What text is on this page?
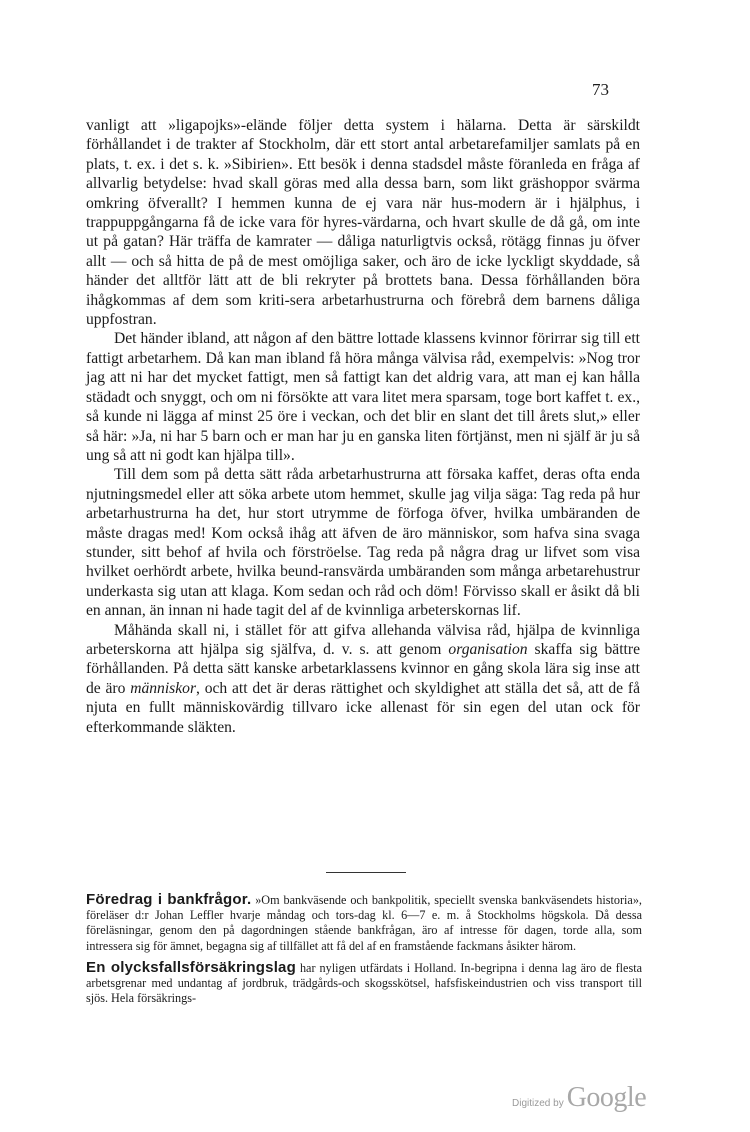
73

vanligt att »ligapojks»-elände följer detta system i hälarna. Detta är särskildt förhållandet i de trakter af Stockholm, där ett stort antal arbetarefamiljer samlats på en plats, t. ex. i det s. k. »Sibirien». Ett besök i denna stadsdel måste föranleda en fråga af allvarlig betydelse: hvad skall göras med alla dessa barn, som likt gräshoppor svärma omkring öfverallt? I hemmen kunna de ej vara när hus-modern är i hjälphus, i trappuppgångarna få de icke vara för hyres-värdarna, och hvart skulle de då gå, om inte ut på gatan? Här träffa de kamrater — dåliga naturligtvis också, rötägg finnas ju öfver allt — och så hitta de på de mest omöjliga saker, och äro de icke lyckligt skyddade, så händer det alltför lätt att de bli rekryter på brottets bana. Dessa förhållanden böra ihågkommas af dem som kriti-sera arbetarhustrurna och förebrå dem barnens dåliga uppfostran.

Det händer ibland, att någon af den bättre lottade klassens kvinnor förirrar sig till ett fattigt arbetarhem. Då kan man ibland få höra många välvisa råd, exempelvis: »Nog tror jag att ni har det mycket fattigt, men så fattigt kan det aldrig vara, att man ej kan hålla städadt och snyggt, och om ni försökte att vara litet mera sparsam, toge bort kaffet t. ex., så kunde ni lägga af minst 25 öre i veckan, och det blir en slant det till årets slut,» eller så här: »Ja, ni har 5 barn och er man har ju en ganska liten förtjänst, men ni själf är ju så ung så att ni godt kan hjälpa till».

Till dem som på detta sätt råda arbetarhustrurna att försaka kaffet, deras ofta enda njutningsmedel eller att söka arbete utom hemmet, skulle jag vilja säga: Tag reda på hur arbetarhustrurna ha det, hur stort utrymme de förfoga öfver, hvilka umbäranden de måste dragas med! Kom också ihåg att äfven de äro människor, som hafva sina svaga stunder, sitt behof af hvila och förströelse. Tag reda på några drag ur lifvet som visa hvilket oerhördt arbete, hvilka beund-ransvärda umbäranden som många arbetarehustrur underkasta sig utan att klaga. Kom sedan och råd och döm! Förvisso skall er åsikt då bli en annan, än innan ni hade tagit del af de kvinnliga arbeterskornas lif.

Måhända skall ni, i stället för att gifva allehanda välvisa råd, hjälpa de kvinnliga arbeterskorna att hjälpa sig själfva, d. v. s. att genom organisation skaffa sig bättre förhållanden. På detta sätt kanske arbetarklassens kvinnor en gång skola lära sig inse att de äro människor, och att det är deras rättighet och skyldighet att ställa det så, att de få njuta en fullt människovärdig tillvaro icke allenast för sin egen del utan ock för efterkommande släkten.

Föredrag i bankfrågor. »Om bankväsende och bankpolitik, speciellt svenska bankväsendets historia», föreläser d:r Johan Leffler hvarje måndag och tors-dag kl. 6—7 e. m. å Stockholms högskola. Då dessa föreläsningar, genom den på dagordningen stående bankfrågan, äro af intresse för dagen, torde alla, som intressera sig för ämnet, begagna sig af tillfället att få del af en framstående fackmans åsikter härom.

En olycksfallsförsäkringslag har nyligen utfärdats i Holland. In-begripna i denna lag äro de flesta arbetsgrenar med undantag af jordbruk, trädgårds-och skogsskötsel, hafsfiskeindustrien och viss transport till sjös. Hela försäkrings-

Digitized by Google
